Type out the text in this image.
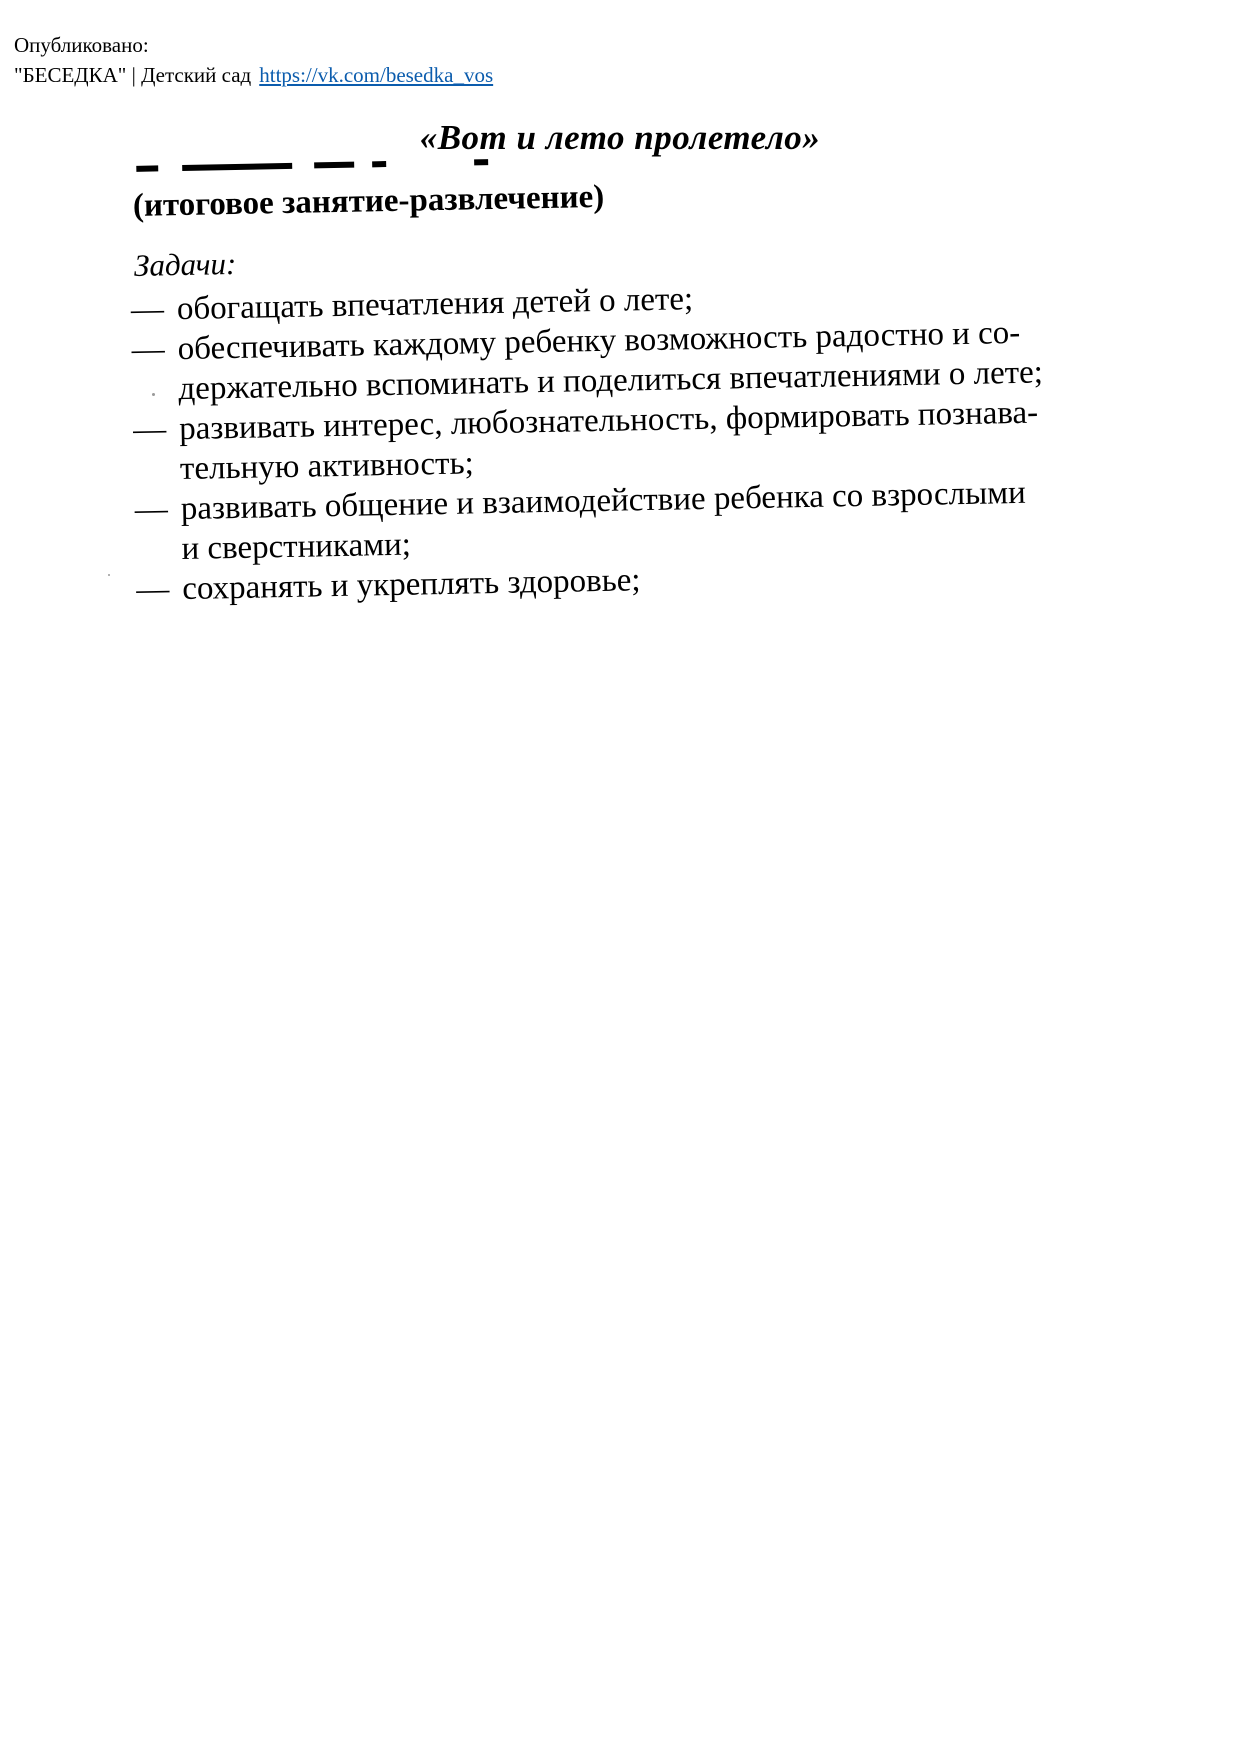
Опубликовано:
"БЕСЕДКА" | Детский сад https://vk.com/besedka_vos
«Вот и лето пролетело»
(итоговое занятие-развлечение)
Задачи:
— обогащать впечатления детей о лете;
— обеспечивать каждому ребенку возможность радостно и со-
держательно вспоминать и поделиться впечатлениями о лете;
— развивать интерес, любознательность, формировать познава-
тельную активность;
— развивать общение и взаимодействие ребенка со взрослыми
и сверстниками;
— сохранять и укреплять здоровье;
